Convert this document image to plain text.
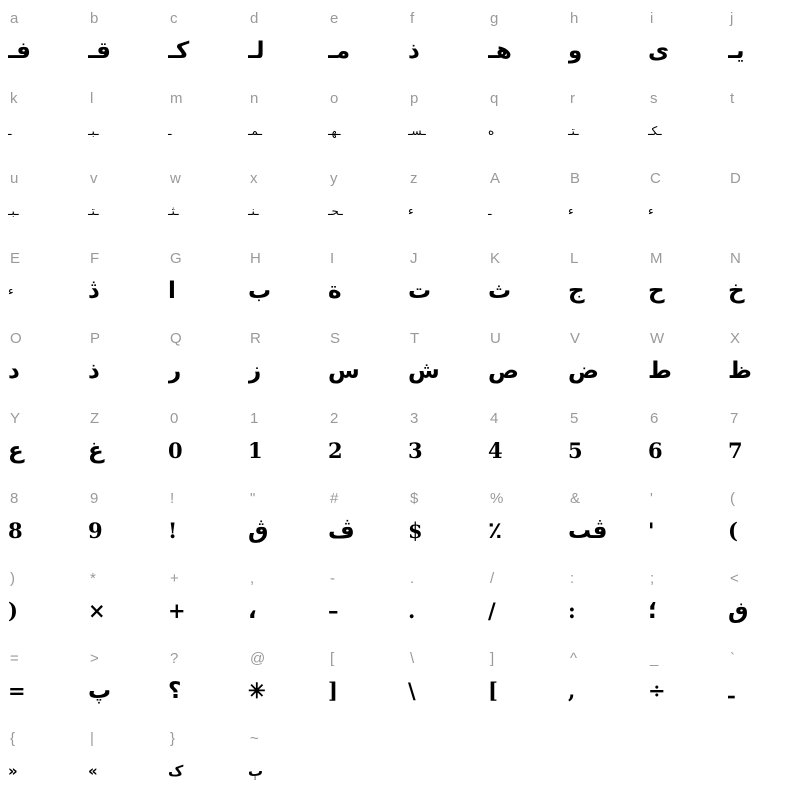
a
فـ
b
قـ
c
كـ
d
لـ
e
مـ
f
ذ
g
هـ
h
و
i
ى
j
يـ
k
ـ
l
ـبـ
m
ـ
n
ـمـ
o
ـهـ
p
ـسـ
q
ه
r
ـتـ
s
ـكـ
t
u
ـبـ
v
ـتـ
w
ـثـ
x
ـنـ
y
ـحـ
z
ء
A
ـ
B
ء
C
ء
D
E
ء
F
ڎ
G
ا
H
ب
I
ة
J
ت
K
ث
L
ج
M
ح
N
خ
O
د
P
ذ
Q
ر
R
ز
S
س
T
ش
U
ص
V
ض
W
ط
X
ظ
Y
ع
Z
غ
0
0
1
1
2
2
3
3
4
4
5
5
6
6
7
7
8
8
9
9
!
!
"
ڨ
#
ڤ
$
$
%
٪
&
ڤٮ
'
'
(
(
)
)
*
×
+
+
,
،
-
–
.
.
/
/
:
:
;
؛
<
ڧ
=
=
>
پ
?
؟
@
✳
[
]
\
\
]
[
^
,
_
÷
`
ـ
{
»
|
«
}
ک
~
ٻ
